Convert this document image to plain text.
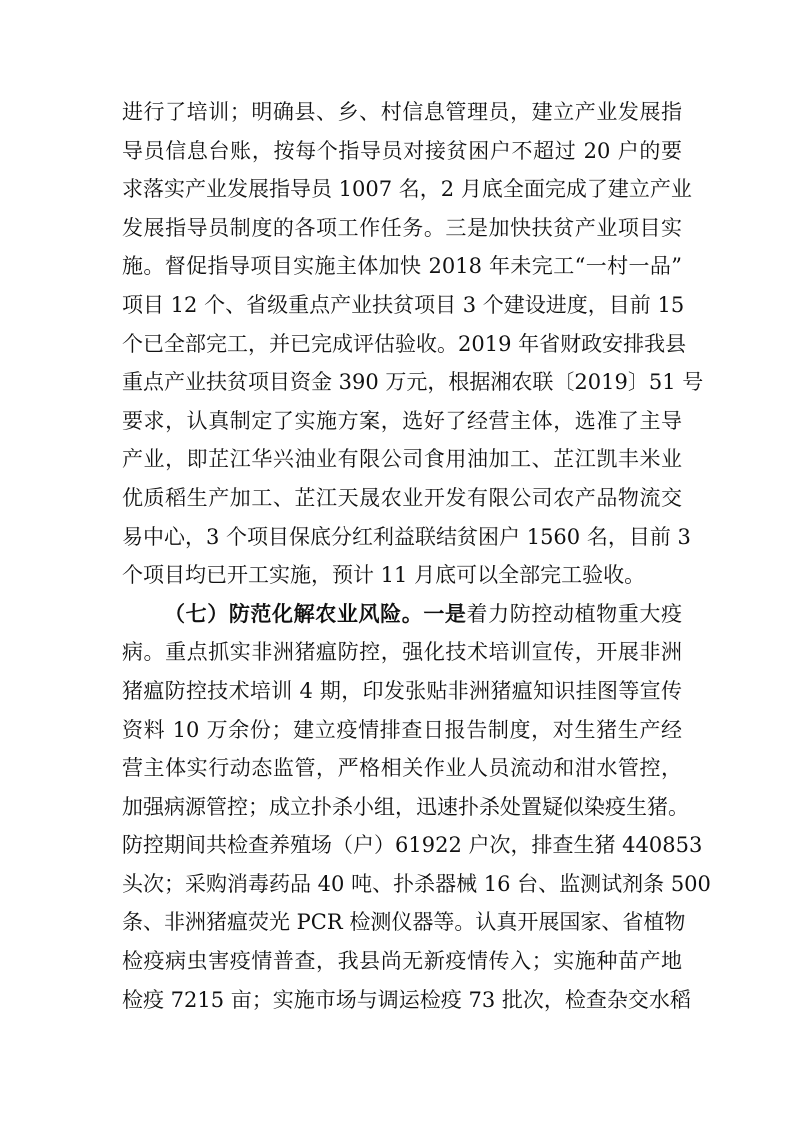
进行了培训；明确县、乡、村信息管理员，建立产业发展指
导员信息台账，按每个指导员对接贫困户不超过 20 户的要
求落实产业发展指导员 1007 名，2 月底全面完成了建立产业
发展指导员制度的各项工作任务。三是加快扶贫产业项目实
施。督促指导项目实施主体加快 2018 年未完工“一村一品”
项目 12 个、省级重点产业扶贫项目 3 个建设进度，目前 15
个已全部完工，并已完成评估验收。2019 年省财政安排我县
重点产业扶贫项目资金 390 万元，根据湘农联〔2019〕51 号
要求，认真制定了实施方案，选好了经营主体，选准了主导
产业，即芷江华兴油业有限公司食用油加工、芷江凯丰米业
优质稻生产加工、芷江天晟农业开发有限公司农产品物流交
易中心，3 个项目保底分红利益联结贫困户 1560 名，目前 3
个项目均已开工实施，预计 11 月底可以全部完工验收。
（七）防范化解农业风险。一是着力防控动植物重大疫
病。重点抓实非洲猪瘟防控，强化技术培训宣传，开展非洲
猪瘟防控技术培训 4 期，印发张贴非洲猪瘟知识挂图等宣传
资料 10 万余份；建立疫情排查日报告制度，对生猪生产经
营主体实行动态监管，严格相关作业人员流动和泔水管控，
加强病源管控；成立扑杀小组，迅速扑杀处置疑似染疫生猪。
防控期间共检查养殖场（户）61922 户次，排查生猪 440853
头次；采购消毒药品 40 吨、扑杀器械 16 台、监测试剂条 500
条、非洲猪瘟荧光 PCR 检测仪器等。认真开展国家、省植物
检疫病虫害疫情普查，我县尚无新疫情传入；实施种苗产地
检疫 7215 亩；实施市场与调运检疫 73 批次，检查杂交水稻
